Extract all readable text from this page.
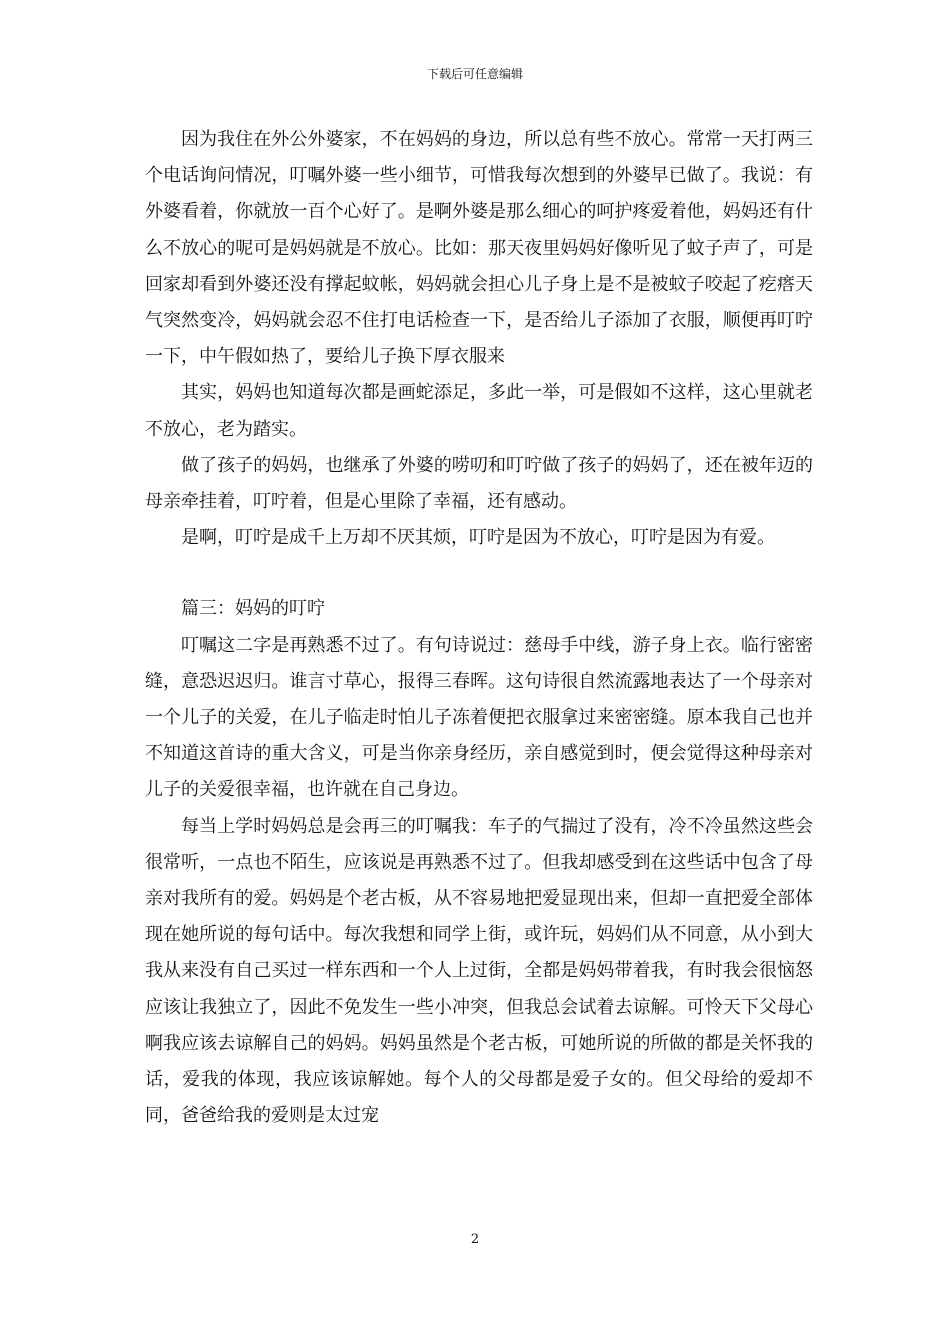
下载后可任意编辑

因为我住在外公外婆家，不在妈妈的身边，所以总有些不放心。常常一天打两三个电话询问情况，叮嘱外婆一些小细节，可惜我每次想到的外婆早已做了。我说：有外婆看着，你就放一百个心好了。是啊外婆是那么细心的呵护疼爱着他，妈妈还有什么不放心的呢可是妈妈就是不放心。比如：那天夜里妈妈好像听见了蚊子声了，可是回家却看到外婆还没有撑起蚊帐，妈妈就会担心儿子身上是不是被蚊子咬起了疙瘩天气突然变冷，妈妈就会忍不住打电话检查一下，是否给儿子添加了衣服，顺便再叮咛一下，中午假如热了，要给儿子换下厚衣服来

其实，妈妈也知道每次都是画蛇添足，多此一举，可是假如不这样，这心里就老不放心，老为踏实。

做了孩子的妈妈，也继承了外婆的唠叨和叮咛做了孩子的妈妈了，还在被年迈的母亲牵挂着，叮咛着，但是心里除了幸福，还有感动。

是啊，叮咛是成千上万却不厌其烦，叮咛是因为不放心，叮咛是因为有爱。

篇三：妈妈的叮咛

叮嘱这二字是再熟悉不过了。有句诗说过：慈母手中线，游子身上衣。临行密密缝，意恐迟迟归。谁言寸草心，报得三春晖。这句诗很自然流露地表达了一个母亲对一个儿子的关爱，在儿子临走时怕儿子冻着便把衣服拿过来密密缝。原本我自己也并不知道这首诗的重大含义，可是当你亲身经历，亲自感觉到时，便会觉得这种母亲对儿子的关爱很幸福，也许就在自己身边。

每当上学时妈妈总是会再三的叮嘱我：车子的气揣过了没有，冷不冷虽然这些会很常听，一点也不陌生，应该说是再熟悉不过了。但我却感受到在这些话中包含了母亲对我所有的爱。妈妈是个老古板，从不容易地把爱显现出来，但却一直把爱全部体现在她所说的每句话中。每次我想和同学上街，或许玩，妈妈们从不同意，从小到大我从来没有自己买过一样东西和一个人上过街，全都是妈妈带着我，有时我会很恼怒应该让我独立了，因此不免发生一些小冲突，但我总会试着去谅解。可怜天下父母心啊我应该去谅解自己的妈妈。妈妈虽然是个老古板，可她所说的所做的都是关怀我的话，爱我的体现，我应该谅解她。每个人的父母都是爱子女的。但父母给的爱却不同，爸爸给我的爱则是太过宠

2
